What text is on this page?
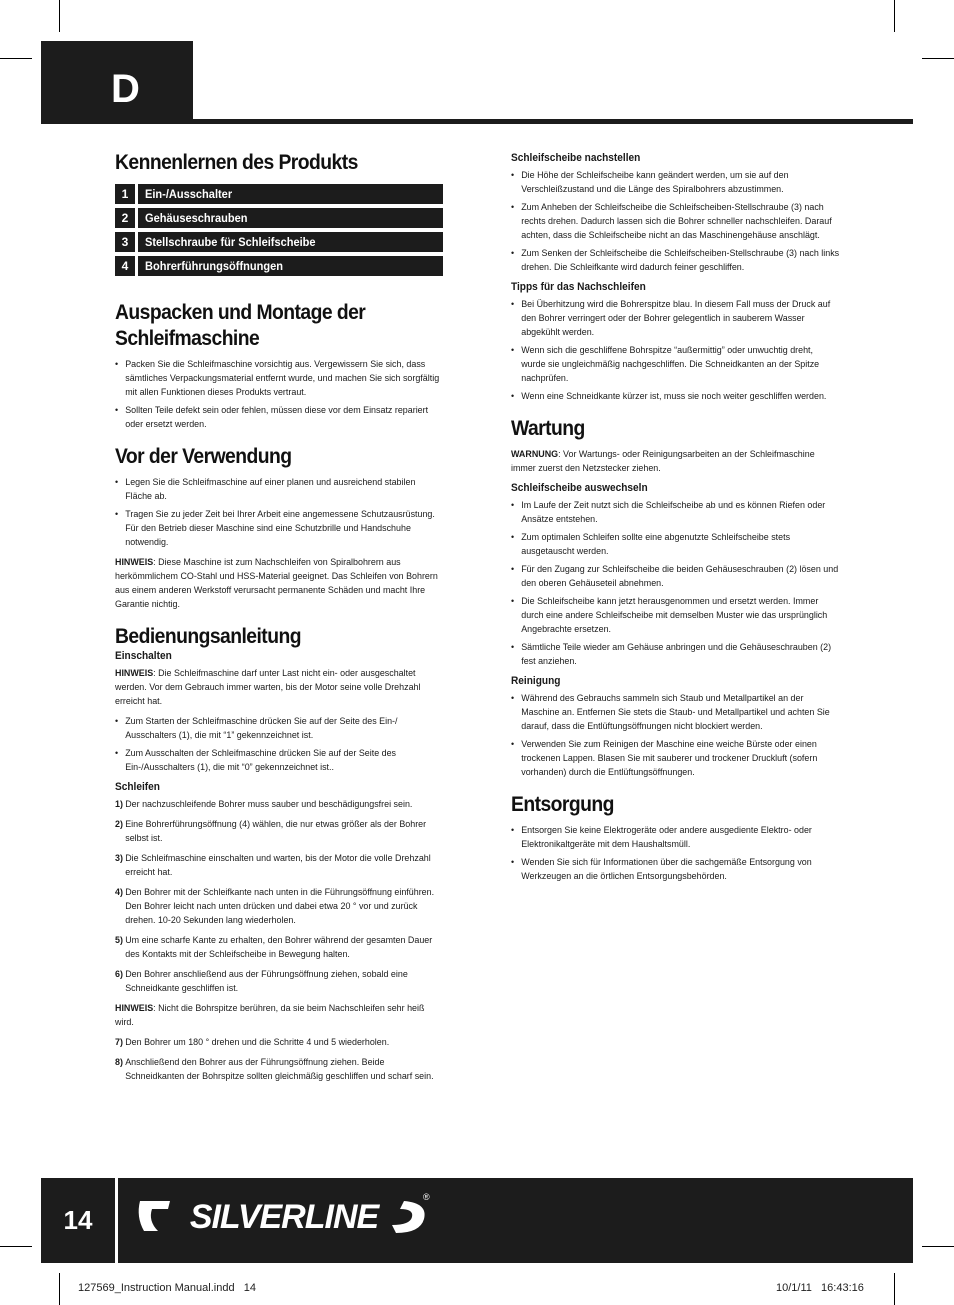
D
Kennenlernen des Produkts
1	Ein-/Ausschalter
2	Gehäuseschrauben
3	Stellschraube für Schleifscheibe
4	Bohrerführungsöffnungen
Auspacken und Montage der
Schleifmaschine
• Packen Sie die Schleifmaschine vorsichtig aus. Vergewissern Sie sich, dass sämtliches Verpackungsmaterial entfernt wurde, und machen Sie sich sorgfältig mit allen Funktionen dieses Produkts vertraut.
• Sollten Teile defekt sein oder fehlen, müssen diese vor dem Einsatz repariert oder ersetzt werden.
Vor der Verwendung
• Legen Sie die Schleifmaschine auf einer planen und ausreichend stabilen Fläche ab.
• Tragen Sie zu jeder Zeit bei Ihrer Arbeit eine angemessene Schutzausrüstung. Für den Betrieb dieser Maschine sind eine Schutzbrille und Handschuhe notwendig.

HINWEIS: Diese Maschine ist zum Nachschleifen von Spiralbohrern aus herkömmlichem CO-Stahl und HSS-Material geeignet. Das Schleifen von Bohrern aus einem anderen Werkstoff verursacht permanente Schäden und macht Ihre Garantie nichtig.

Bedienungsanleitung
Einschalten

HINWEIS: Die Schleifmaschine darf unter Last nicht ein- oder ausgeschaltet werden. Vor dem Gebrauch immer warten, bis der Motor seine volle Drehzahl erreicht hat.

• Zum Starten der Schleifmaschine drücken Sie auf der Seite des Ein-/ Ausschalters (1), die mit “1” gekennzeichnet ist.
• Zum Ausschalten der Schleifmaschine drücken Sie auf der Seite des Ein-/Ausschalters (1), die mit “0” gekennzeichnet ist..
Schleifen
1) Der nachzuschleifende Bohrer muss sauber und beschädigungsfrei sein.
2) Eine Bohrerführungsöffnung (4) wählen, die nur etwas größer als der Bohrer selbst ist.
3) Die Schleifmaschine einschalten und warten, bis der Motor die volle Drehzahl erreicht hat.
4) Den Bohrer mit der Schleifkante nach unten in die Führungsöffnung einführen. Den Bohrer leicht nach unten drücken und dabei etwa 20 ° vor und zurück drehen. 10-20 Sekunden lang wiederholen.
5) Um eine scharfe Kante zu erhalten, den Bohrer während der gesamten Dauer des Kontakts mit der Schleifscheibe in Bewegung halten.
6) Den Bohrer anschließend aus der Führungsöffnung ziehen, sobald eine Schneidkante geschliffen ist.

HINWEIS: Nicht die Bohrspitze berühren, da sie beim Nachschleifen sehr heiß wird.

7) Den Bohrer um 180 ° drehen und die Schritte 4 und 5 wiederholen.
8) Anschließend den Bohrer aus der Führungsöffnung ziehen. Beide Schneidkanten der Bohrspitze sollten gleichmäßig geschliffen und scharf sein.
Schleifscheibe nachstellen
• Die Höhe der Schleifscheibe kann geändert werden, um sie auf den Verschleißzustand und die Länge des Spiralbohrers abzustimmen.
• Zum Anheben der Schleifscheibe die Schleifscheiben-Stellschraube (3) nach rechts drehen. Dadurch lassen sich die Bohrer schneller nachschleifen. Darauf achten, dass die Schleifscheibe nicht an das Maschinengehäuse anschlägt.
• Zum Senken der Schleifscheibe die Schleifscheiben-Stellschraube (3) nach links drehen. Die Schleifkante wird dadurch feiner geschliffen.
Tipps für das Nachschleifen
• Bei Überhitzung wird die Bohrerspitze blau. In diesem Fall muss der Druck auf den Bohrer verringert oder der Bohrer gelegentlich in sauberem Wasser abgekühlt werden.
• Wenn sich die geschliffene Bohrspitze “außermittig” oder unwuchtig dreht, wurde sie ungleichmäßig nachgeschliffen. Die Schneidkanten an der Spitze nachprüfen.
• Wenn eine Schneidkante kürzer ist, muss sie noch weiter geschliffen werden.
Wartung

WARNUNG: Vor Wartungs- oder Reinigungsarbeiten an der Schleifmaschine immer zuerst den Netzstecker ziehen.

Schleifscheibe auswechseln
• Im Laufe der Zeit nutzt sich die Schleifscheibe ab und es können Riefen oder Ansätze entstehen.
• Zum optimalen Schleifen sollte eine abgenutzte Schleifscheibe stets ausgetauscht werden.
• Für den Zugang zur Schleifscheibe die beiden Gehäuseschrauben (2) lösen und den oberen Gehäuseteil abnehmen.
• Die Schleifscheibe kann jetzt herausgenommen und ersetzt werden. Immer durch eine andere Schleifscheibe mit demselben Muster wie das ursprünglich Angebrachte ersetzen.
• Sämtliche Teile wieder am Gehäuse anbringen und die Gehäuseschrauben (2) fest anziehen.
Reinigung
• Während des Gebrauchs sammeln sich Staub und Metallpartikel an der Maschine an. Entfernen Sie stets die Staub- und Metallpartikel und achten Sie darauf, dass die Entlüftungsöffnungen nicht blockiert werden.
• Verwenden Sie zum Reinigen der Maschine eine weiche Bürste oder einen trockenen Lappen. Blasen Sie mit sauberer und trockener Druckluft (sofern vorhanden) durch die Entlüftungsöffnungen.
Entsorgung
• Entsorgen Sie keine Elektrogeräte oder andere ausgediente Elektro- oder Elektronikaltgeräte mit dem Haushaltsmüll.
• Wenden Sie sich für Informationen über die sachgemäße Entsorgung von Werkzeugen an die örtlichen Entsorgungsbehörden.
14	SILVERLINE
®
127569_Instruction Manual.indd   14	10/1/11   16:43:16
